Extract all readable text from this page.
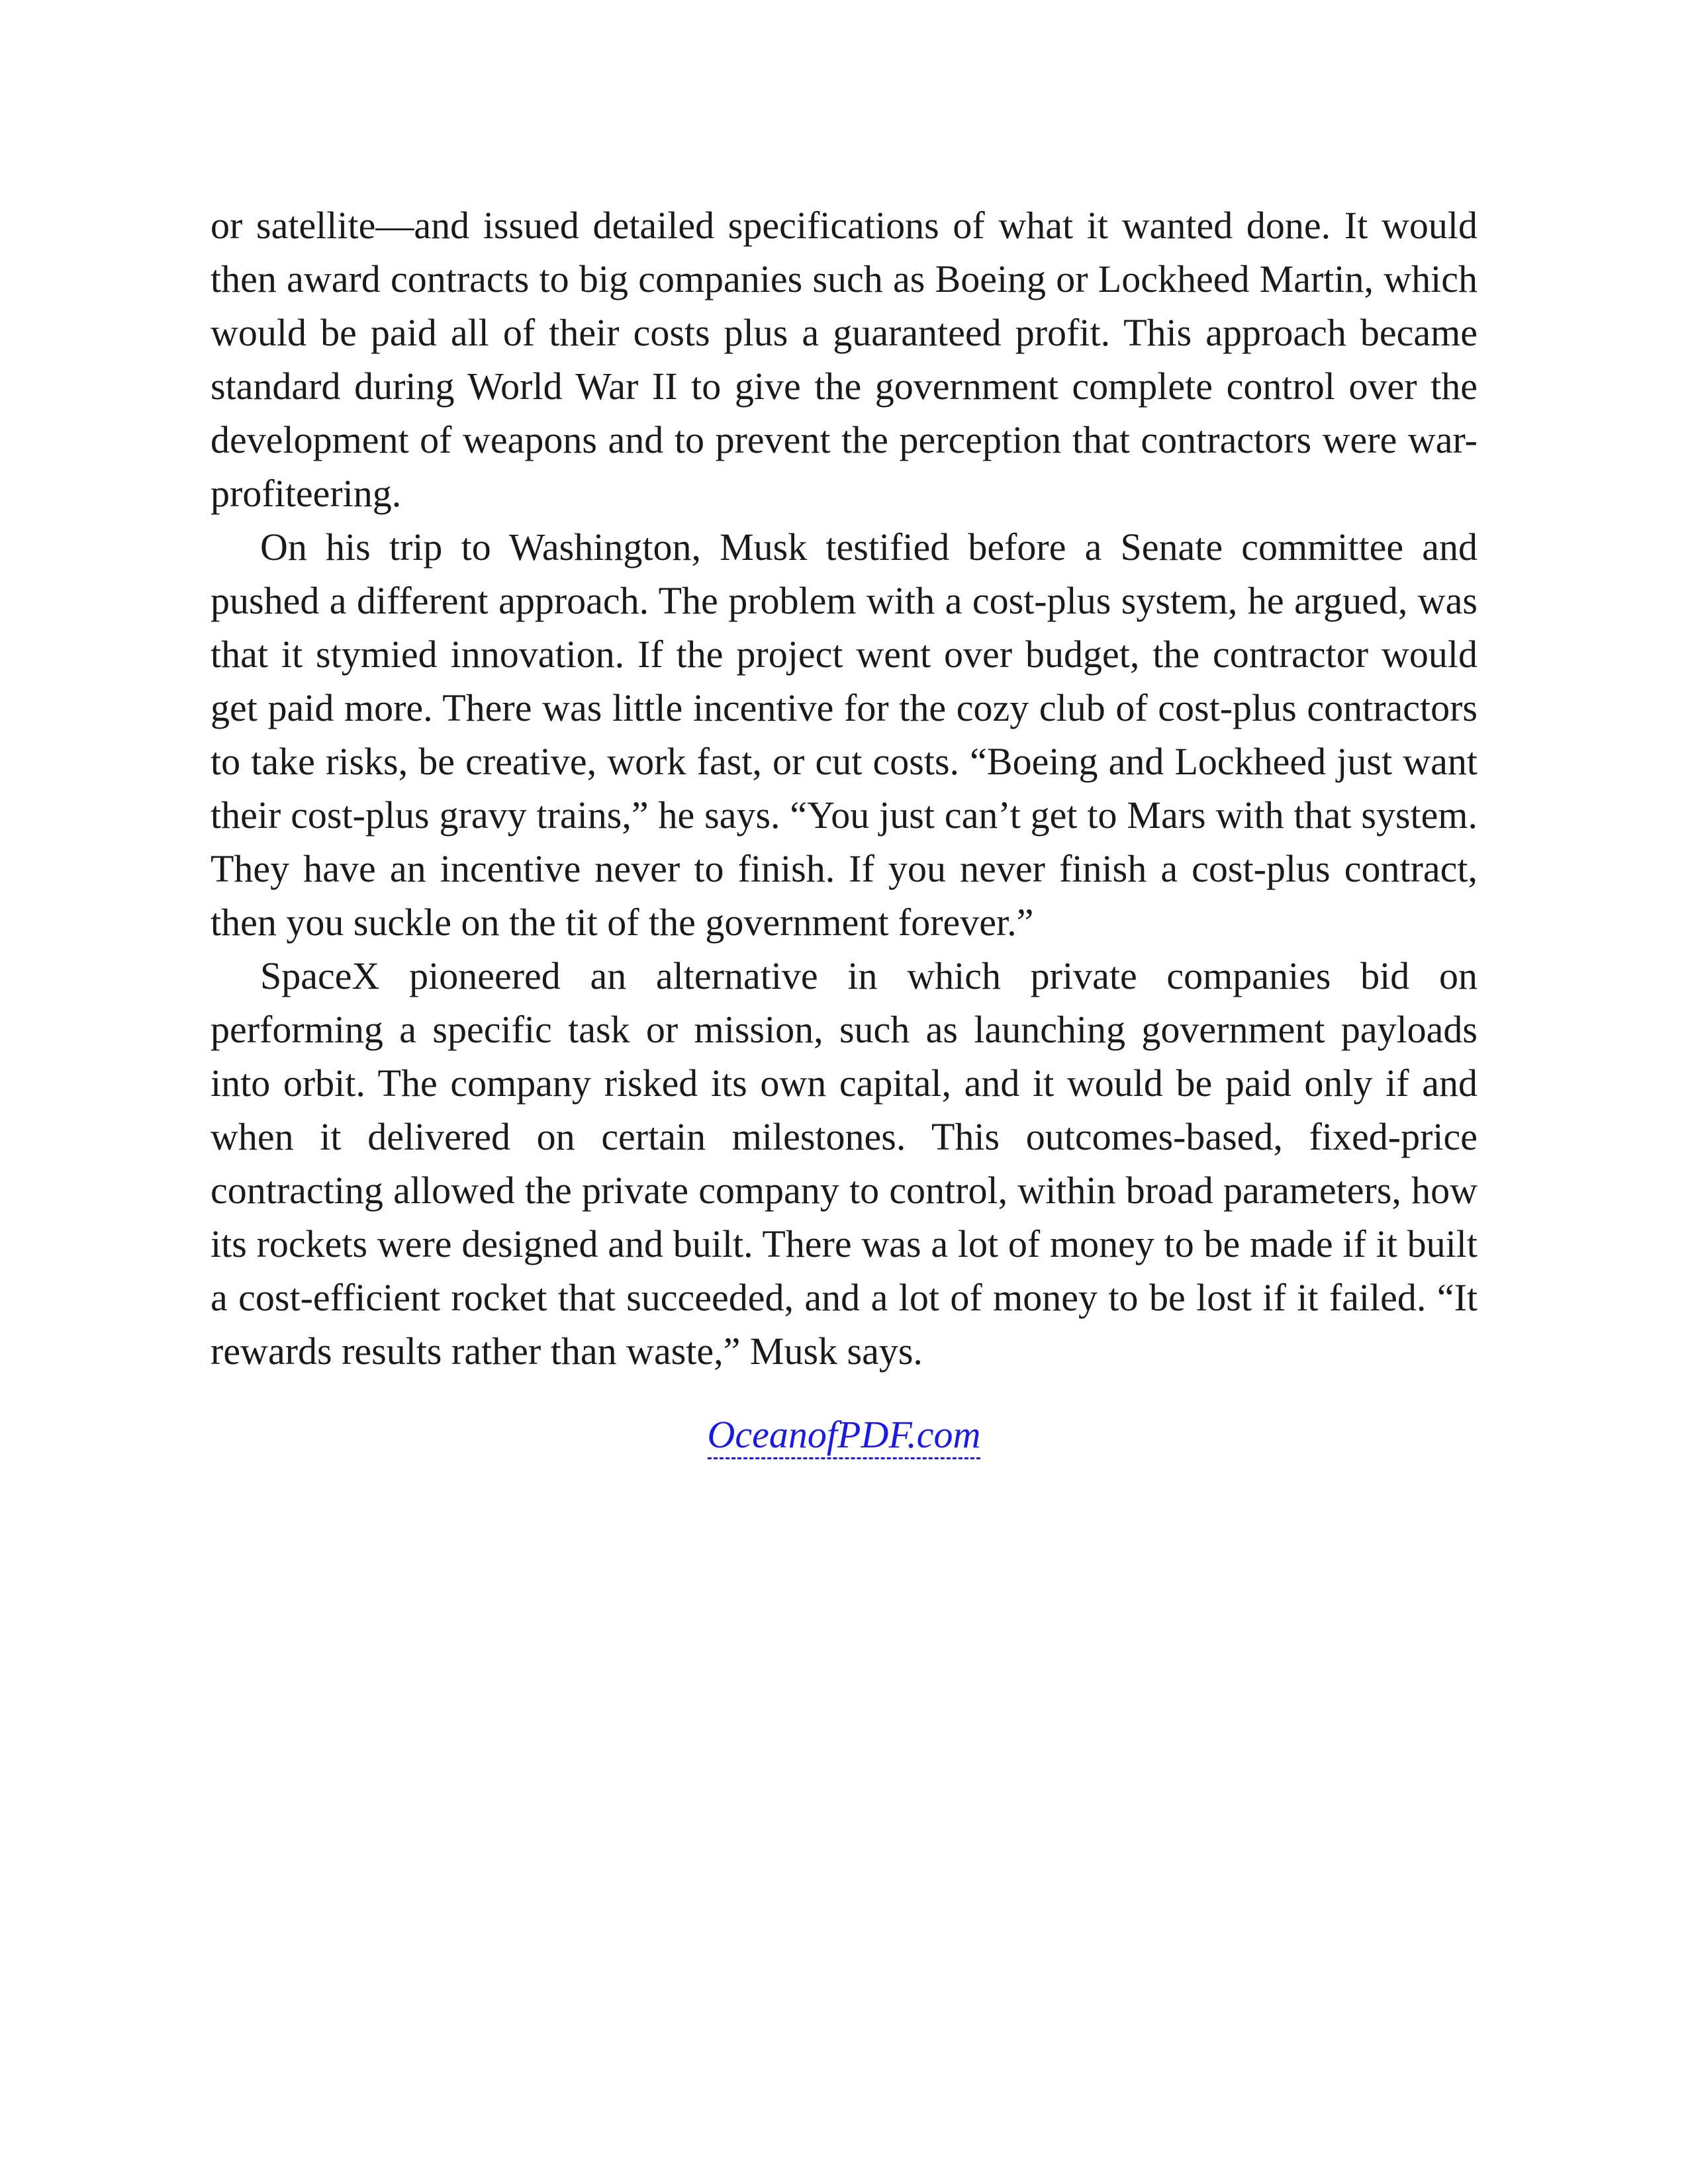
or satellite—and issued detailed specifications of what it wanted done. It would then award contracts to big companies such as Boeing or Lockheed Martin, which would be paid all of their costs plus a guaranteed profit. This approach became standard during World War II to give the government complete control over the development of weapons and to prevent the perception that contractors were war-profiteering.

On his trip to Washington, Musk testified before a Senate committee and pushed a different approach. The problem with a cost-plus system, he argued, was that it stymied innovation. If the project went over budget, the contractor would get paid more. There was little incentive for the cozy club of cost-plus contractors to take risks, be creative, work fast, or cut costs. “Boeing and Lockheed just want their cost-plus gravy trains,” he says. “You just can’t get to Mars with that system. They have an incentive never to finish. If you never finish a cost-plus contract, then you suckle on the tit of the government forever.”

SpaceX pioneered an alternative in which private companies bid on performing a specific task or mission, such as launching government payloads into orbit. The company risked its own capital, and it would be paid only if and when it delivered on certain milestones. This outcomes-based, fixed-price contracting allowed the private company to control, within broad parameters, how its rockets were designed and built. There was a lot of money to be made if it built a cost-efficient rocket that succeeded, and a lot of money to be lost if it failed. “It rewards results rather than waste,” Musk says.

OceanofPDF.com
